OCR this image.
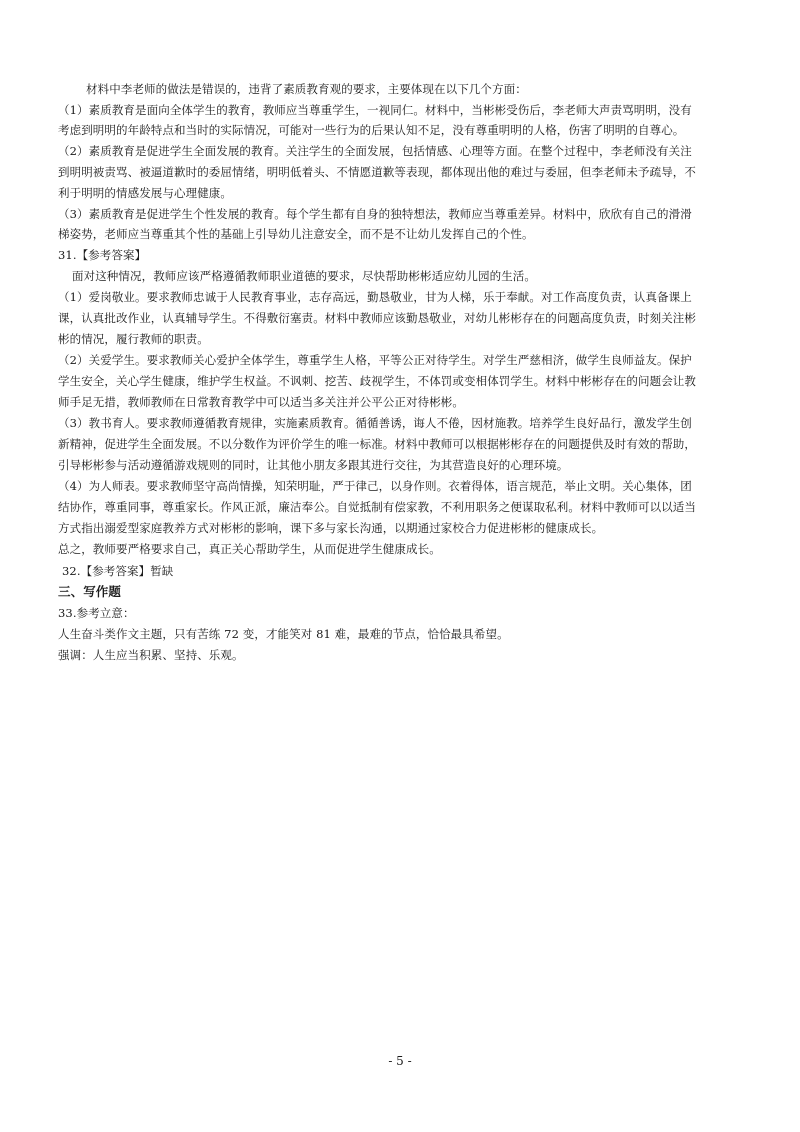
材料中李老师的做法是错误的，违背了素质教育观的要求，主要体现在以下几个方面：
（1）素质教育是面向全体学生的教育，教师应当尊重学生，一视同仁。材料中，当彬彬受伤后，李老师大声责骂明明，没有
考虑到明明的年龄特点和当时的实际情况，可能对一些行为的后果认知不足，没有尊重明明的人格，伤害了明明的自尊心。
（2）素质教育是促进学生全面发展的教育。关注学生的全面发展，包括情感、心理等方面。在整个过程中，李老师没有关注
到明明被责骂、被逼道歉时的委屈情绪，明明低着头、不情愿道歉等表现，都体现出他的难过与委屈，但李老师未予疏导，不
利于明明的情感发展与心理健康。
（3）素质教育是促进学生个性发展的教育。每个学生都有自身的独特想法，教师应当尊重差异。材料中，欣欣有自己的滑滑
梯姿势，老师应当尊重其个性的基础上引导幼儿注意安全，而不是不让幼儿发挥自己的个性。
31.【参考答案】
面对这种情况，教师应该严格遵循教师职业道德的要求，尽快帮助彬彬适应幼儿园的生活。
（1）爱岗敬业。要求教师忠诚于人民教育事业，志存高远，勤恳敬业，甘为人梯，乐于奉献。对工作高度负责，认真备课上
课，认真批改作业，认真辅导学生。不得敷衍塞责。材料中教师应该勤恳敬业，对幼儿彬彬存在的问题高度负责，时刻关注彬
彬的情况，履行教师的职责。
（2）关爱学生。要求教师关心爱护全体学生，尊重学生人格，平等公正对待学生。对学生严慈相济，做学生良师益友。保护
学生安全，关心学生健康，维护学生权益。不讽刺、挖苦、歧视学生，不体罚或变相体罚学生。材料中彬彬存在的问题会让教
师手足无措，教师教师在日常教育教学中可以适当多关注并公平公正对待彬彬。
（3）教书育人。要求教师遵循教育规律，实施素质教育。循循善诱，诲人不倦，因材施教。培养学生良好品行，激发学生创
新精神，促进学生全面发展。不以分数作为评价学生的唯一标准。材料中教师可以根据彬彬存在的问题提供及时有效的帮助，
引导彬彬参与活动遵循游戏规则的同时，让其他小朋友多跟其进行交往，为其营造良好的心理环境。
（4）为人师表。要求教师坚守高尚情操，知荣明耻，严于律己，以身作则。衣着得体，语言规范，举止文明。关心集体，团
结协作，尊重同事，尊重家长。作风正派，廉洁奉公。自觉抵制有偿家教，不利用职务之便谋取私利。材料中教师可以以适当
方式指出溺爱型家庭教养方式对彬彬的影响，课下多与家长沟通，以期通过家校合力促进彬彬的健康成长。
总之，教师要严格要求自己，真正关心帮助学生，从而促进学生健康成长。
32.【参考答案】暂缺
三、写作题
33.参考立意：
人生奋斗类作文主题，只有苦练 72 变，才能笑对 81 难，最难的节点，恰恰最具希望。
强调：人生应当积累、坚持、乐观。
- 5 -
